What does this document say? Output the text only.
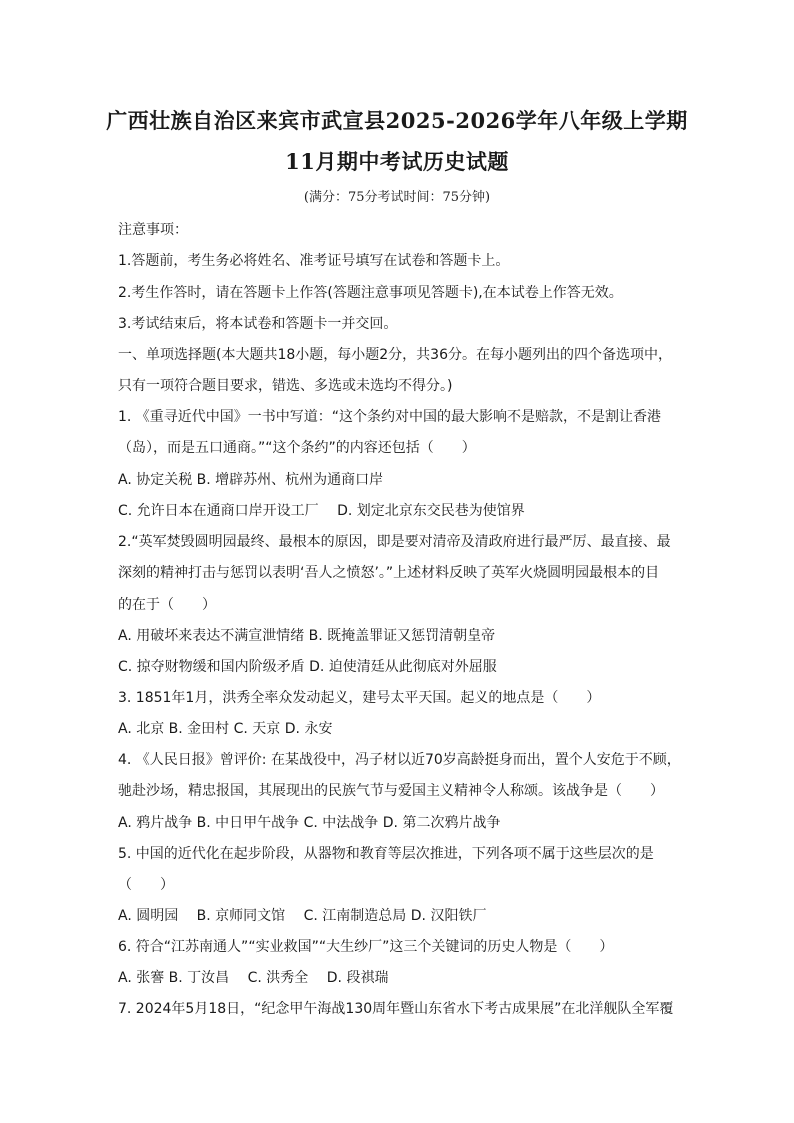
广西壮族自治区来宾市武宣县2025-2026学年八年级上学期
11月期中考试历史试题
(满分：75分考试时间：75分钟)
注意事项：
1.答题前，考生务必将姓名、准考证号填写在试卷和答题卡上。
2.考生作答时，请在答题卡上作答(答题注意事项见答题卡),在本试卷上作答无效。
3.考试结束后，将本试卷和答题卡一并交回。
一、单项选择题(本大题共18小题，每小题2分，共36分。在每小题列出的四个备选项中，
只有一项符合题目要求，错选、多选或未选均不得分。)
1. 《重寻近代中国》一书中写道：“这个条约对中国的最大影响不是赔款，不是割让香港
（岛），而是五口通商。”“这个条约”的内容还包括（　　）
A. 协定关税 B. 增辟苏州、杭州为通商口岸
C. 允许日本在通商口岸开设工厂　 D. 划定北京东交民巷为使馆界
2.“英军焚毁圆明园最终、最根本的原因，即是要对清帝及清政府进行最严厉、最直接、最
深刻的精神打击与惩罚以表明‘吾人之愤怒’。”上述材料反映了英军火烧圆明园最根本的目
的在于（　　）
A. 用破坏来表达不满宣泄情绪 B. 既掩盖罪证又惩罚清朝皇帝
C. 掠夺财物缓和国内阶级矛盾 D. 迫使清廷从此彻底对外屈服
3. 1851年1月，洪秀全率众发动起义，建号太平天国。起义的地点是（　　）
A. 北京 B. 金田村 C. 天京 D. 永安
4. 《人民日报》曾评价: 在某战役中，冯子材以近70岁高龄挺身而出，置个人安危于不顾，
驰赴沙场，精忠报国，其展现出的民族气节与爱国主义精神令人称颂。该战争是（　　）
A. 鸦片战争 B. 中日甲午战争 C. 中法战争 D. 第二次鸦片战争
5. 中国的近代化在起步阶段，从器物和教育等层次推进，下列各项不属于这些层次的是
（　　）
A. 圆明园　 B. 京师同文馆　 C. 江南制造总局 D. 汉阳铁厂
6. 符合“江苏南通人”“实业救国”“大生纱厂”这三个关键词的历史人物是（　　）
A. 张謇 B. 丁汝昌　 C. 洪秀全　 D. 段祺瑞
7. 2024年5月18日，“纪念甲午海战130周年暨山东省水下考古成果展”在北洋舰队全军覆
